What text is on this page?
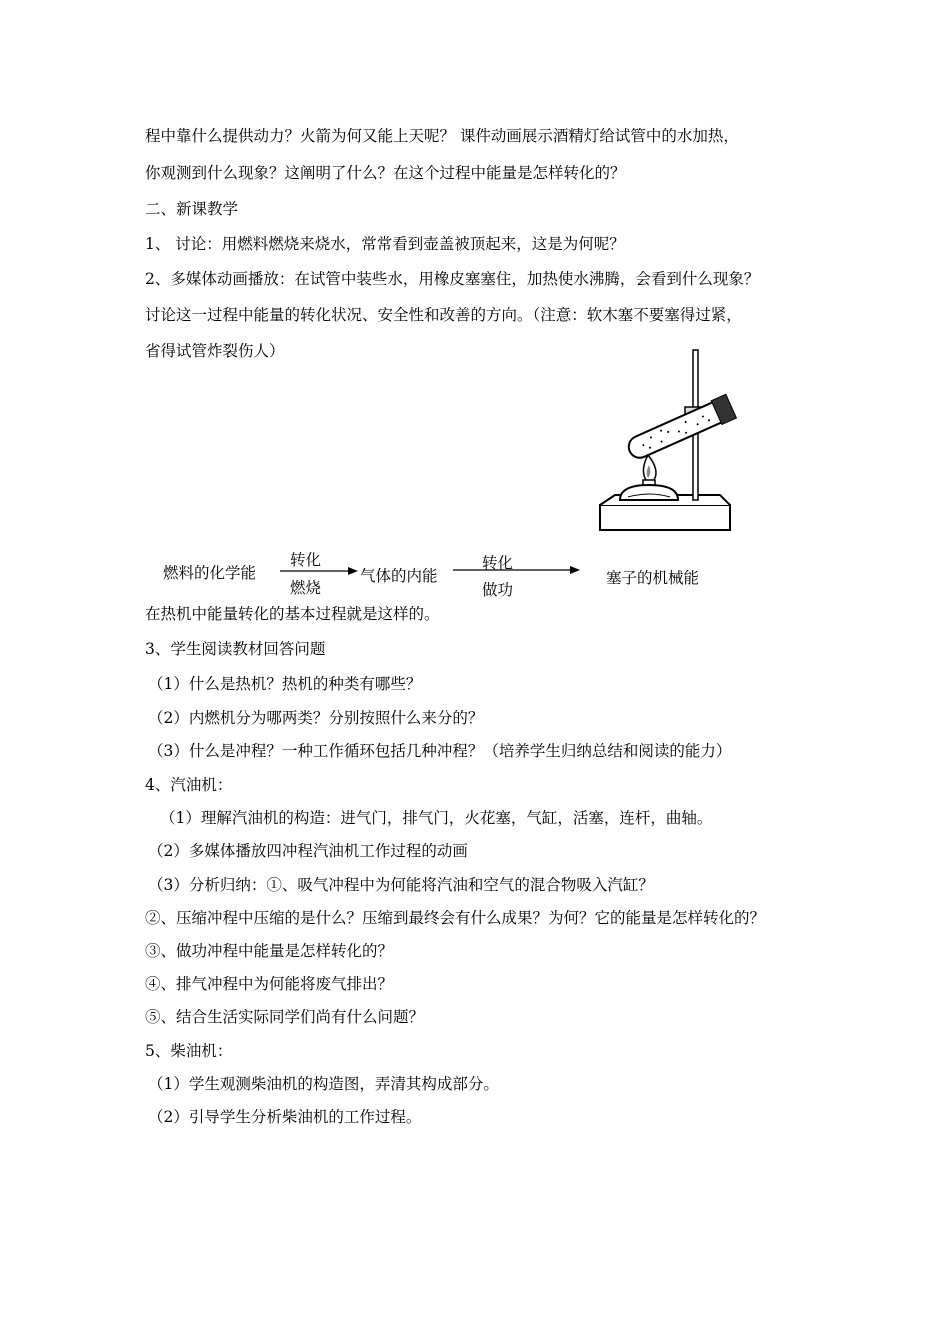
程中靠什么提供动力？火箭为何又能上天呢？ 课件动画展示酒精灯给试管中的水加热，
你观测到什么现象？这阐明了什么？在这个过程中能量是怎样转化的？
二、新课教学
1、 讨论：用燃料燃烧来烧水，常常看到壶盖被顶起来，这是为何呢？
2、多媒体动画播放：在试管中装些水，用橡皮塞塞住，加热使水沸腾，会看到什么现象？
讨论这一过程中能量的转化状况、安全性和改善的方向。（注意：软木塞不要塞得过紧，
省得试管炸裂伤人）
燃料的化学能
转化
燃烧
气体的内能
转化
做功
塞子的机械能
在热机中能量转化的基本过程就是这样的。
3、学生阅读教材回答问题
（1）什么是热机？热机的种类有哪些？
（2）内燃机分为哪两类？分别按照什么来分的？
（3）什么是冲程？一种工作循环包括几种冲程？（培养学生归纳总结和阅读的能力）
4、汽油机：
（1）理解汽油机的构造：进气门，排气门，火花塞，气缸，活塞，连杆，曲轴。
（2）多媒体播放四冲程汽油机工作过程的动画
（3）分析归纳：①、吸气冲程中为何能将汽油和空气的混合物吸入汽缸？
②、压缩冲程中压缩的是什么？压缩到最终会有什么成果？为何？它的能量是怎样转化的？
③、做功冲程中能量是怎样转化的？
④、排气冲程中为何能将废气排出？
⑤、结合生活实际同学们尚有什么问题？
5、柴油机：
（1）学生观测柴油机的构造图，弄清其构成部分。
（2）引导学生分析柴油机的工作过程。
